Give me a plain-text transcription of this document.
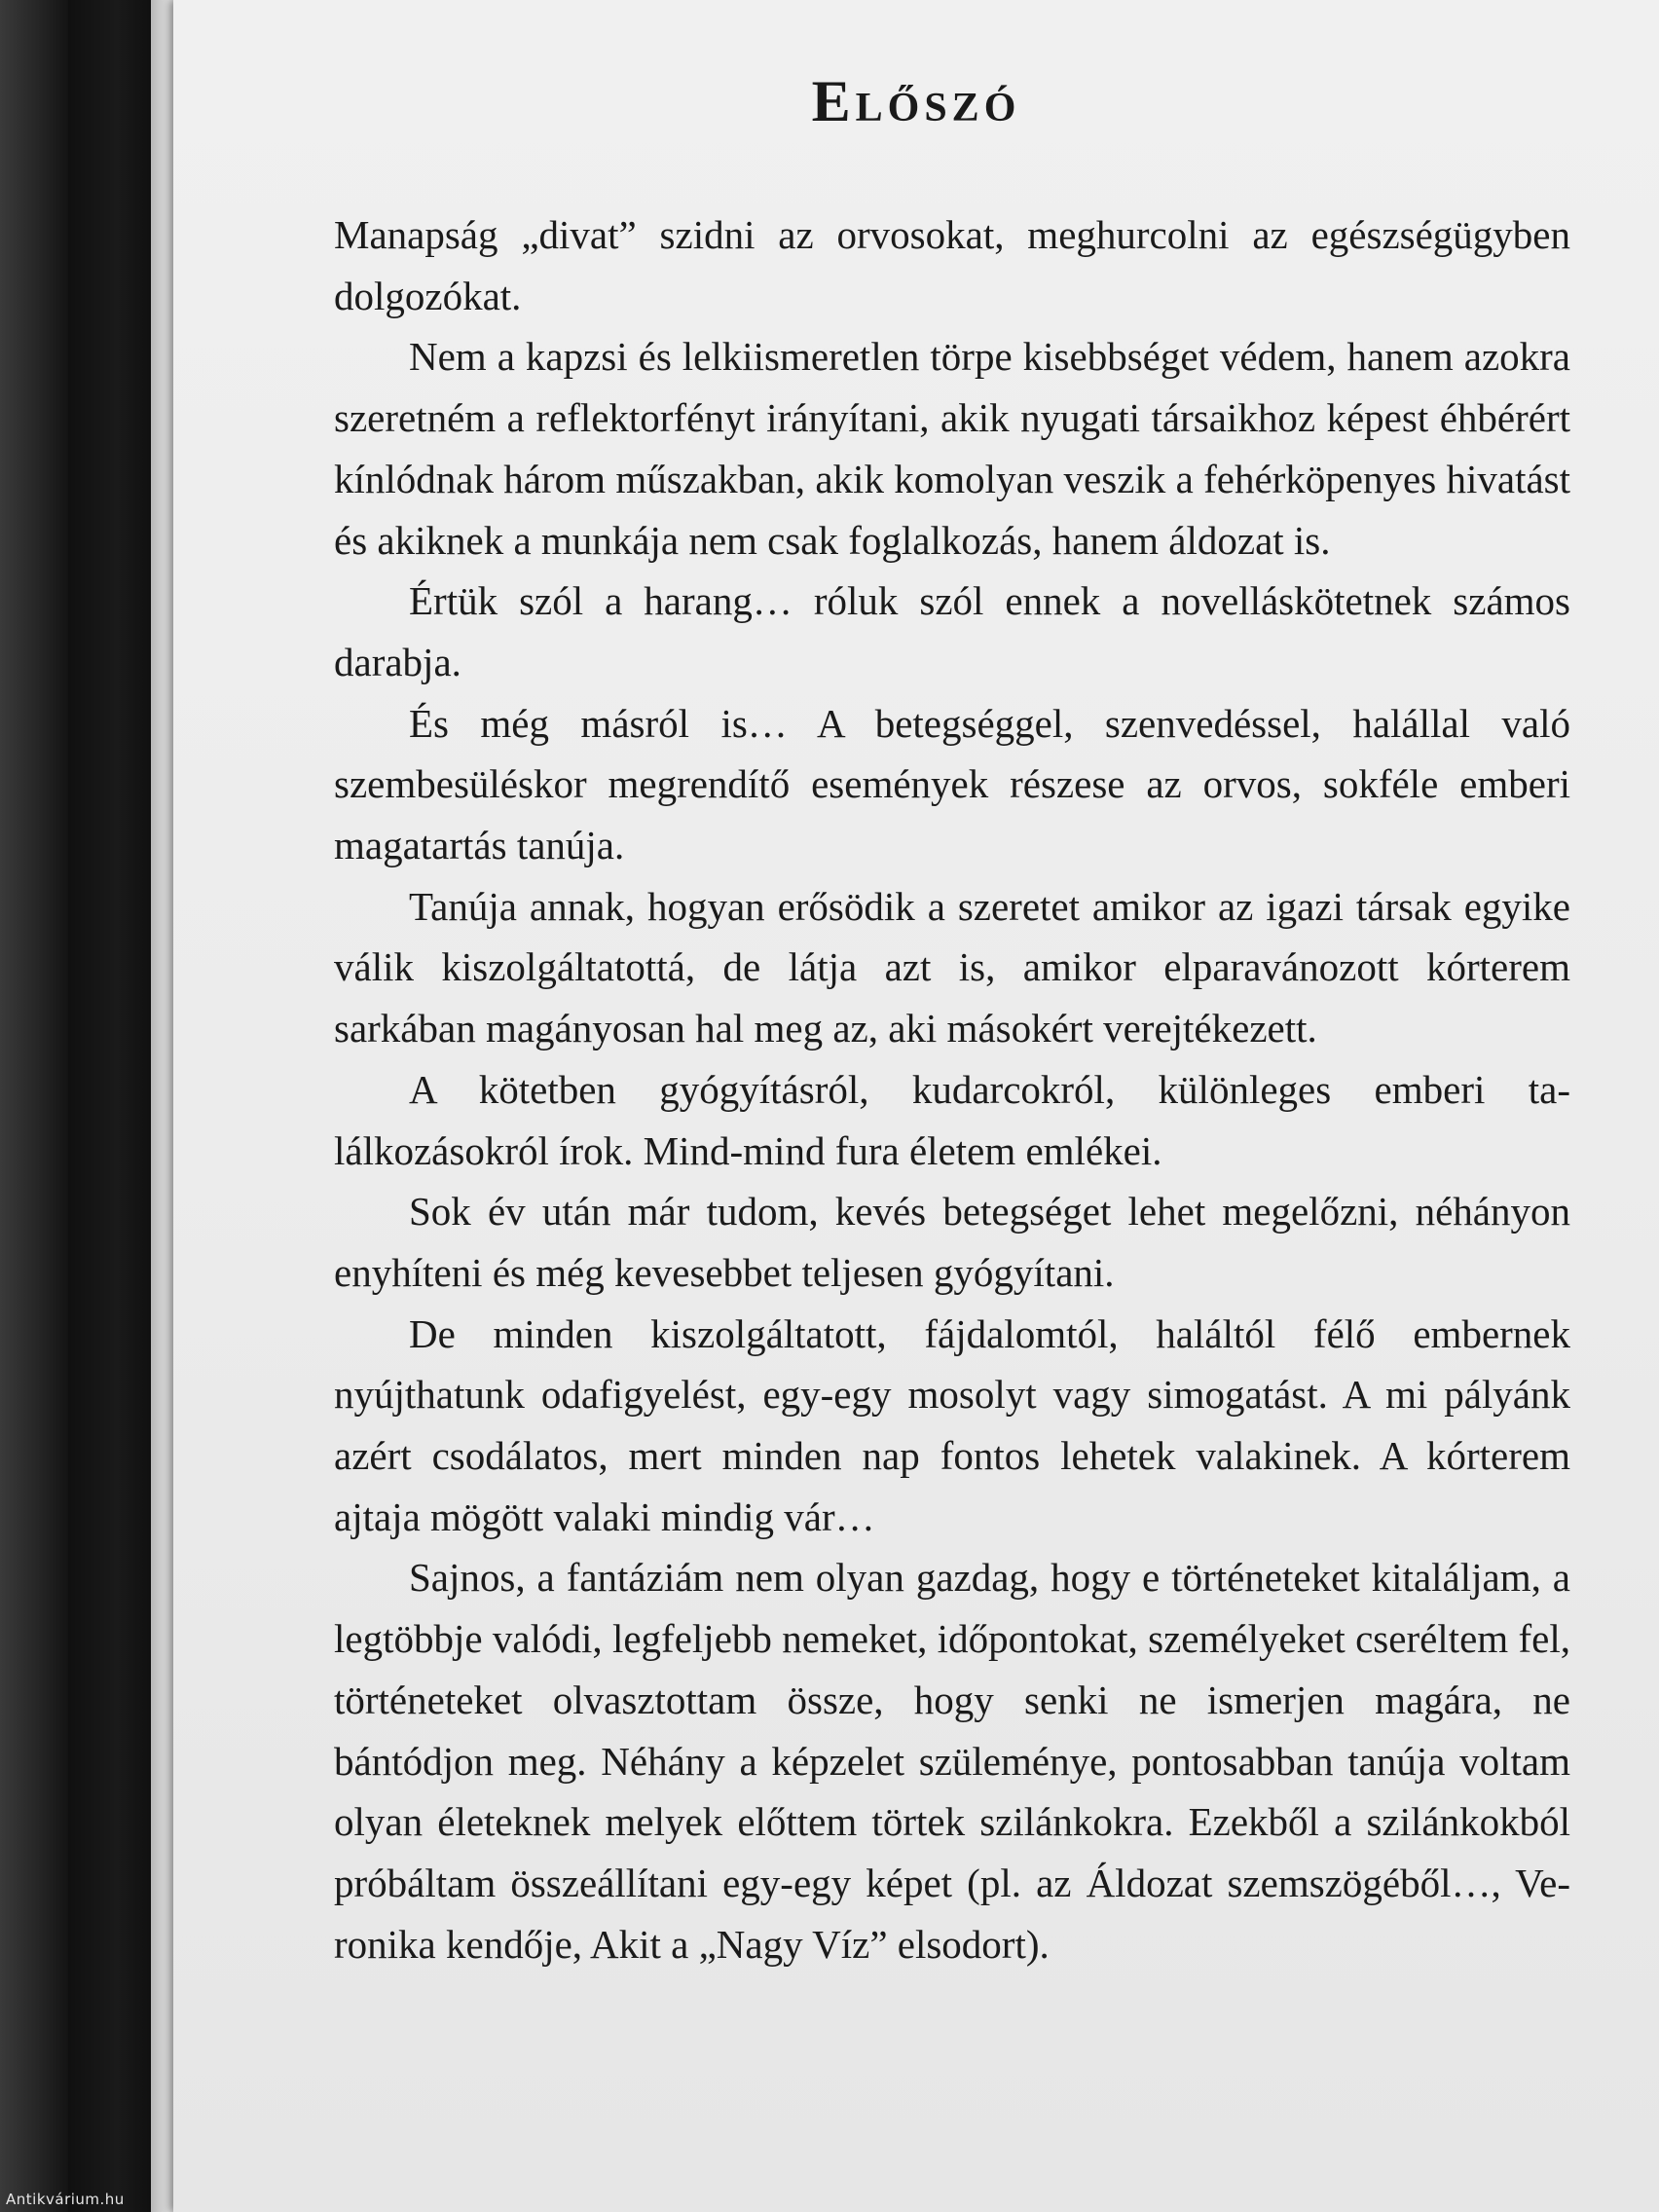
Előszó

Manapság „divat” szidni az orvosokat, meghurcolni az egészségügyben dolgozókat.

Nem a kapzsi és lelkiismeretlen törpe kisebbséget védem, hanem azokra szeretném a reflektorfényt irányítani, akik nyugati társaikhoz képest éhbérért kínlódnak három műszakban, akik komolyan veszik a fehérköpenyes hivatást és akiknek a munkája nem csak foglalkozás, hanem áldozat is.

Értük szól a harang… róluk szól ennek a novelláskötetnek számos darabja.

És még másról is… A betegséggel, szenvedéssel, halállal való szembesüléskor megrendítő események részese az orvos, sokféle emberi magatartás tanúja.

Tanúja annak, hogyan erősödik a szeretet amikor az igazi társak egyike válik kiszolgáltatottá, de látja azt is, amikor elparavánozott kórterem sarkában magányosan hal meg az, aki másokért verejtékezett.

A kötetben gyógyításról, kudarcokról, különleges emberi találkozásokról írok. Mind-mind fura életem emlékei.

Sok év után már tudom, kevés betegséget lehet megelőzni, néhányon enyhíteni és még kevesebbet teljesen gyógyítani.

De minden kiszolgáltatott, fájdalomtól, haláltól félő embernek nyújthatunk odafigyelést, egy-egy mosolyt vagy simogatást. A mi pályánk azért csodálatos, mert minden nap fontos lehetek valakinek. A kórterem ajtaja mögött valaki mindig vár…

Sajnos, a fantáziám nem olyan gazdag, hogy e történeteket kitaláljam, a legtöbbje valódi, legfeljebb nemeket, időpontokat, személyeket cseréltem fel, történeteket olvasztottam össze, hogy senki ne ismerjen magára, ne bántódjon meg. Néhány a képzelet szüleménye, pontosabban tanúja voltam olyan életeknek melyek előttem törtek szilánkokra. Ezekből a szilánkokból próbáltam összeállítani egy-egy képet (pl. az Áldozat szemszögéből…, Veronika kendője, Akit a „Nagy Víz” elsodort).

Antikvárium.hu
